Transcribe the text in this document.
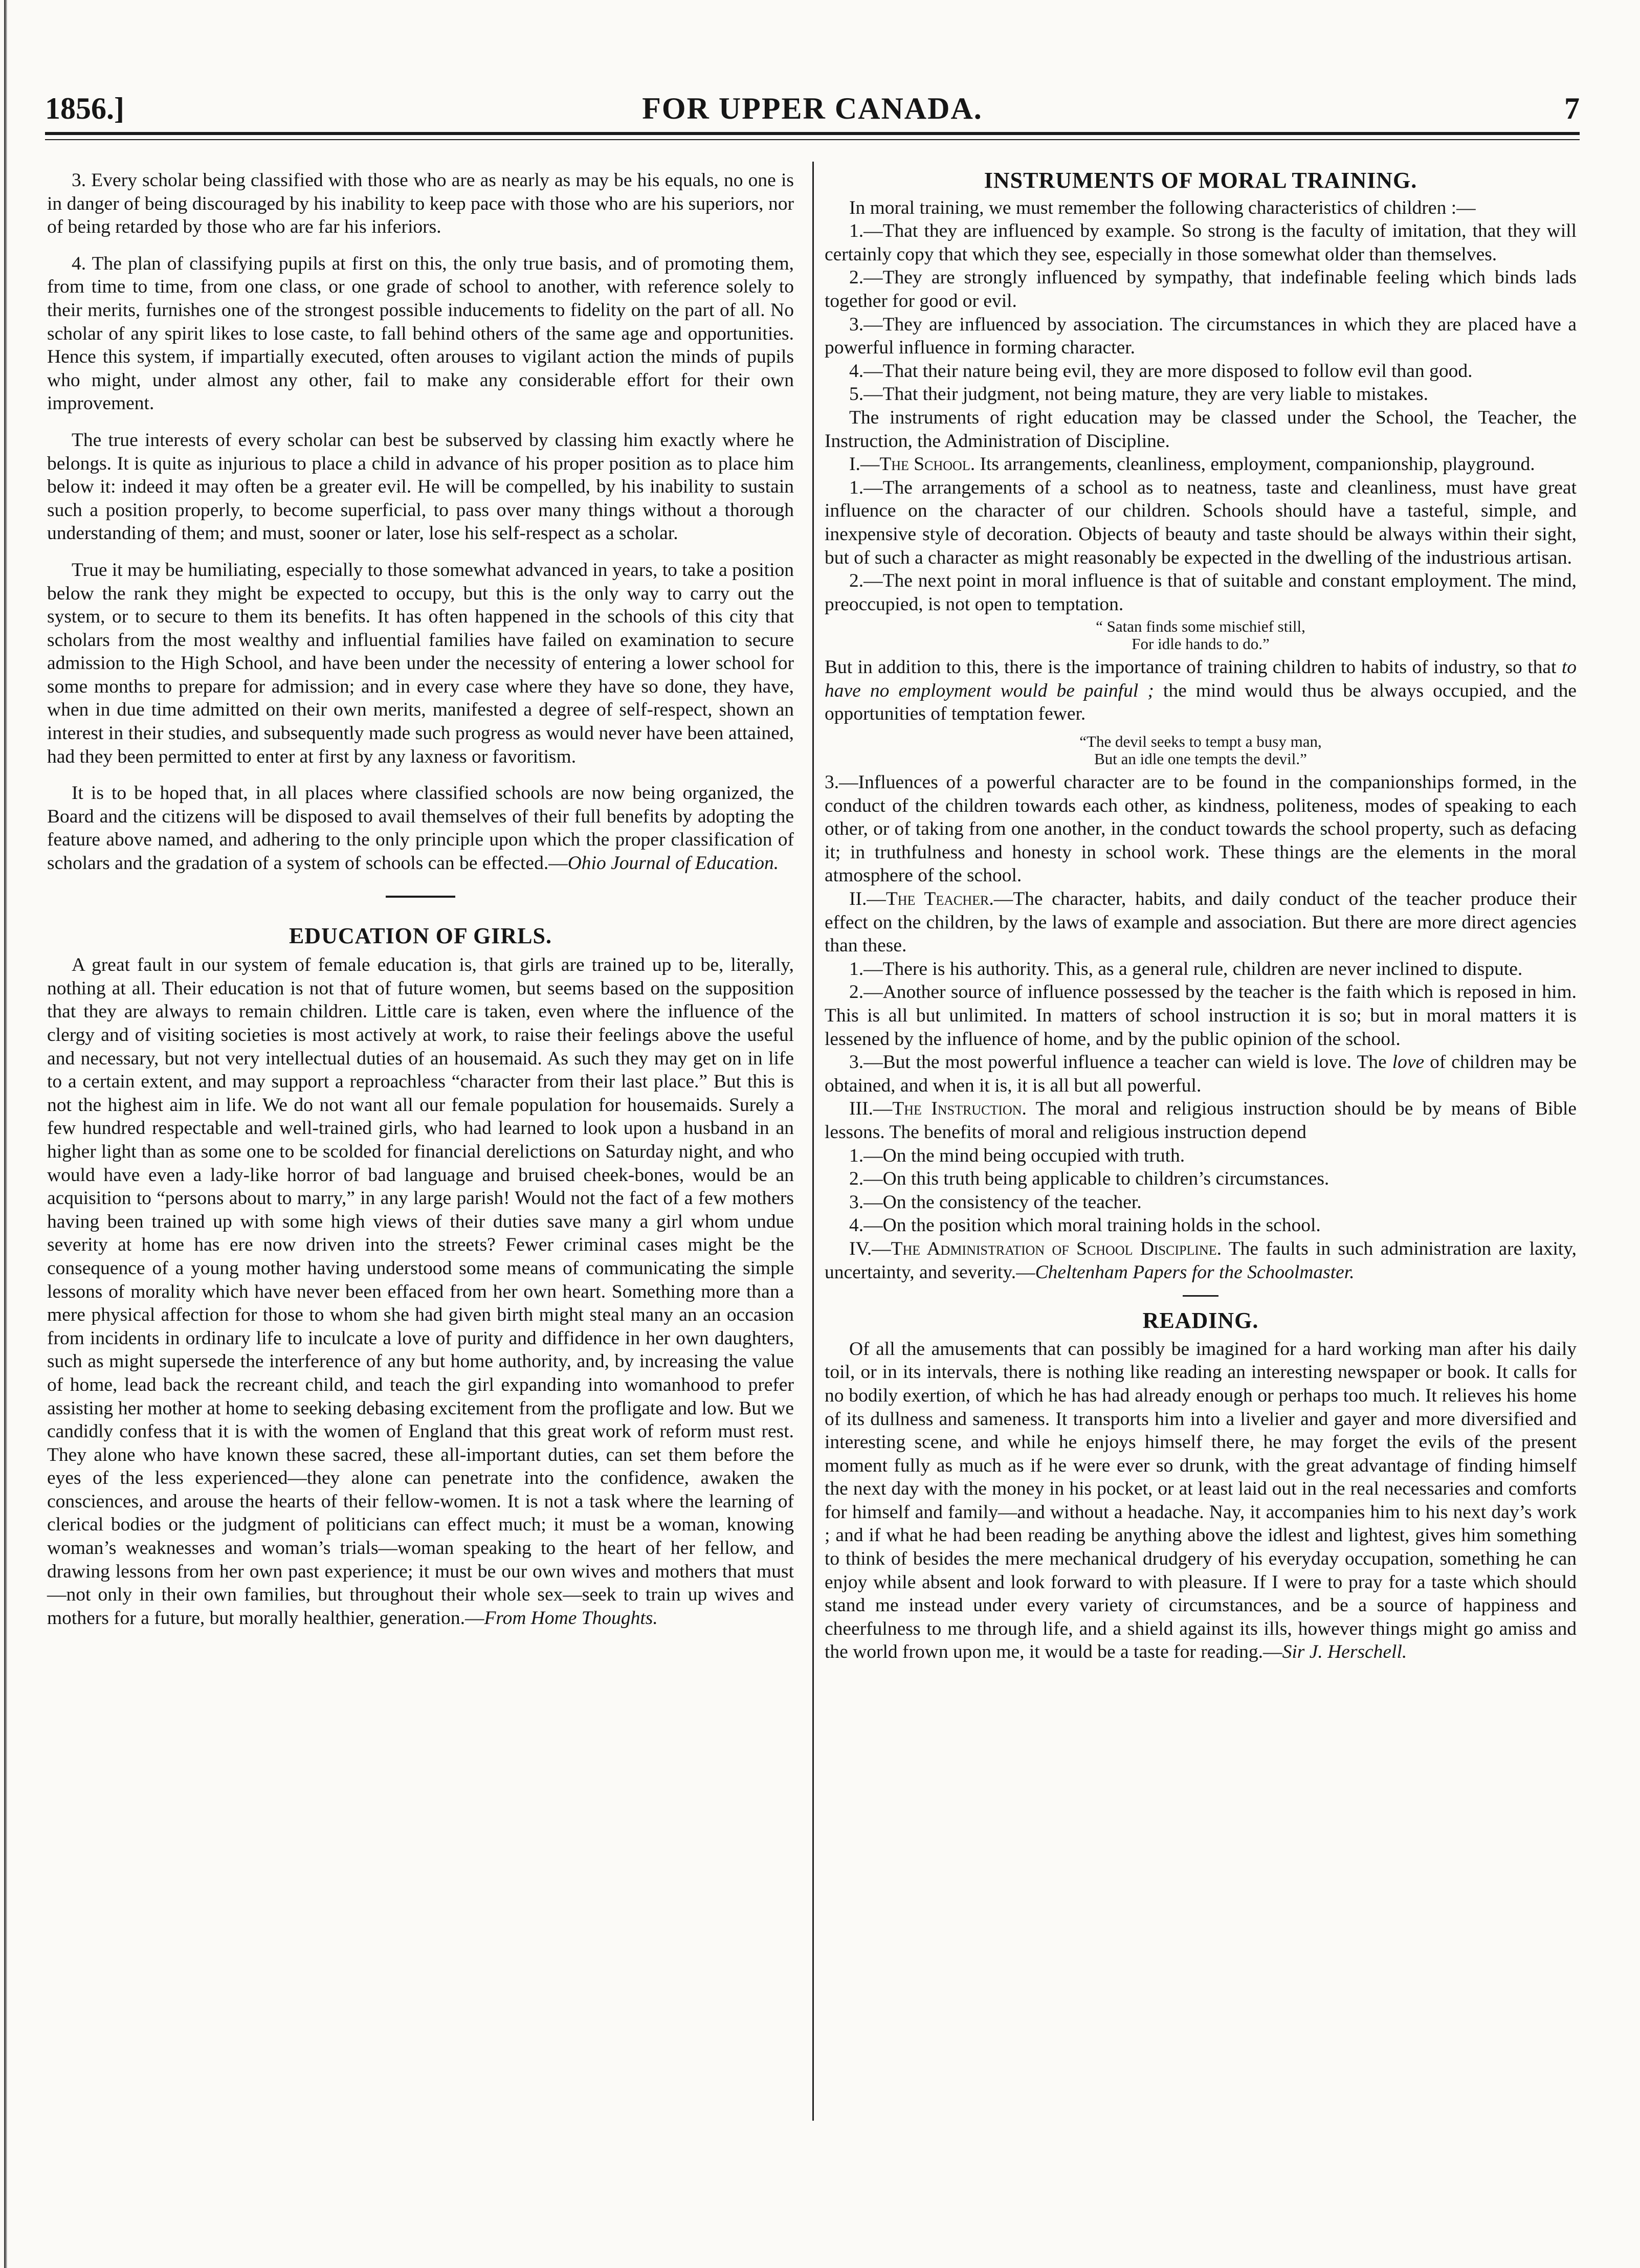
1856.]	FOR UPPER CANADA.	7

3. Every scholar being classified with those who are as nearly as may be his equals, no one is in danger of being discouraged by his inability to keep pace with those who are his superiors, nor of being retarded by those who are far his inferiors.

4. The plan of classifying pupils at first on this, the only true basis, and of promoting them, from time to time, from one class, or one grade of school to another, with reference solely to their merits, furnishes one of the strongest possible inducements to fidelity on the part of all. No scholar of any spirit likes to lose caste, to fall behind others of the same age and opportunities. Hence this system, if impartially executed, often arouses to vigilant action the minds of pupils who might, under almost any other, fail to make any considerable effort for their own improvement.

The true interests of every scholar can best be subserved by classing him exactly where he belongs. It is quite as injurious to place a child in advance of his proper position as to place him below it: indeed it may often be a greater evil. He will be compelled, by his inability to sustain such a position properly, to become superficial, to pass over many things without a thorough understanding of them; and must, sooner or later, lose his self-respect as a scholar.

True it may be humiliating, especially to those somewhat advanced in years, to take a position below the rank they might be expected to occupy, but this is the only way to carry out the system, or to secure to them its benefits. It has often happened in the schools of this city that scholars from the most wealthy and influential families have failed on examination to secure admission to the High School, and have been under the necessity of entering a lower school for some months to prepare for admission; and in every case where they have so done, they have, when in due time admitted on their own merits, manifested a degree of self-respect, shown an interest in their studies, and subsequently made such progress as would never have been attained, had they been permitted to enter at first by any laxness or favoritism.

It is to be hoped that, in all places where classified schools are now being organized, the Board and the citizens will be disposed to avail themselves of their full benefits by adopting the feature above named, and adhering to the only principle upon which the proper classification of scholars and the gradation of a system of schools can be effected.—Ohio Journal of Education.

EDUCATION OF GIRLS.

A great fault in our system of female education is, that girls are trained up to be, literally, nothing at all. Their education is not that of future women, but seems based on the supposition that they are always to remain children. Little care is taken, even where the influence of the clergy and of visiting societies is most actively at work, to raise their feelings above the useful and necessary, but not very intellectual duties of an housemaid. As such they may get on in life to a certain extent, and may support a reproachless “character from their last place.” But this is not the highest aim in life. We do not want all our female population for housemaids. Surely a few hundred respectable and well-trained girls, who had learned to look upon a husband in an higher light than as some one to be scolded for financial derelictions on Saturday night, and who would have even a lady-like horror of bad language and bruised cheek-bones, would be an acquisition to “persons about to marry,” in any large parish! Would not the fact of a few mothers having been trained up with some high views of their duties save many a girl whom undue severity at home has ere now driven into the streets? Fewer criminal cases might be the consequence of a young mother having understood some means of communicating the simple lessons of morality which have never been effaced from her own heart. Something more than a mere physical affection for those to whom she had given birth might steal many an an occasion from incidents in ordinary life to inculcate a love of purity and diffidence in her own daughters, such as might supersede the interference of any but home authority, and, by increasing the value of home, lead back the recreant child, and teach the girl expanding into womanhood to prefer assisting her mother at home to seeking debasing excitement from the profligate and low. But we candidly confess that it is with the women of England that this great work of reform must rest. They alone who have known these sacred, these all-important duties, can set them before the eyes of the less experienced—they alone can penetrate into the confidence, awaken the consciences, and arouse the hearts of their fellow-women. It is not a task where the learning of clerical bodies or the judgment of politicians can effect much; it must be a woman, knowing woman’s weaknesses and woman’s trials—woman speaking to the heart of her fellow, and drawing lessons from her own past experience; it must be our own wives and mothers that must—not only in their own families, but throughout their whole sex—seek to train up wives and mothers for a future, but morally healthier, generation.—From Home Thoughts.

INSTRUMENTS OF MORAL TRAINING.

In moral training, we must remember the following characteristics of children :—

1.—That they are influenced by example. So strong is the faculty of imitation, that they will certainly copy that which they see, especially in those somewhat older than themselves.

2.—They are strongly influenced by sympathy, that indefinable feeling which binds lads together for good or evil.

3.—They are influenced by association. The circumstances in which they are placed have a powerful influence in forming character.

4.—That their nature being evil, they are more disposed to follow evil than good.

5.—That their judgment, not being mature, they are very liable to mistakes.

The instruments of right education may be classed under the School, the Teacher, the Instruction, the Administration of Discipline.

I.—The School. Its arrangements, cleanliness, employment, companionship, playground.

1.—The arrangements of a school as to neatness, taste and cleanliness, must have great influence on the character of our children. Schools should have a tasteful, simple, and inexpensive style of decoration. Objects of beauty and taste should be always within their sight, but of such a character as might reasonably be expected in the dwelling of the industrious artisan.

2.—The next point in moral influence is that of suitable and constant employment. The mind, preoccupied, is not open to temptation.

“ Satan finds some mischief still,
For idle hands to do.”

But in addition to this, there is the importance of training children to habits of industry, so that to have no employment would be painful ; the mind would thus be always occupied, and the opportunities of temptation fewer.

“The devil seeks to tempt a busy man,
But an idle one tempts the devil.”

3.—Influences of a powerful character are to be found in the companionships formed, in the conduct of the children towards each other, as kindness, politeness, modes of speaking to each other, or of taking from one another, in the conduct towards the school property, such as defacing it; in truthfulness and honesty in school work. These things are the elements in the moral atmosphere of the school.

II.—The Teacher.—The character, habits, and daily conduct of the teacher produce their effect on the children, by the laws of example and association. But there are more direct agencies than these.

1.—There is his authority. This, as a general rule, children are never inclined to dispute.

2.—Another source of influence possessed by the teacher is the faith which is reposed in him. This is all but unlimited. In matters of school instruction it is so; but in moral matters it is lessened by the influence of home, and by the public opinion of the school.

3.—But the most powerful influence a teacher can wield is love. The love of children may be obtained, and when it is, it is all but all powerful.

III.—The Instruction. The moral and religious instruction should be by means of Bible lessons. The benefits of moral and religious instruction depend

1.—On the mind being occupied with truth.

2.—On this truth being applicable to children’s circumstances.

3.—On the consistency of the teacher.

4.—On the position which moral training holds in the school.

IV.—The Administration of School Discipline. The faults in such administration are laxity, uncertainty, and severity.—Cheltenham Papers for the Schoolmaster.

READING.

Of all the amusements that can possibly be imagined for a hard working man after his daily toil, or in its intervals, there is nothing like reading an interesting newspaper or book. It calls for no bodily exertion, of which he has had already enough or perhaps too much. It relieves his home of its dullness and sameness. It transports him into a livelier and gayer and more diversified and interesting scene, and while he enjoys himself there, he may forget the evils of the present moment fully as much as if he were ever so drunk, with the great advantage of finding himself the next day with the money in his pocket, or at least laid out in the real necessaries and comforts for himself and family—and without a headache. Nay, it accompanies him to his next day’s work ; and if what he had been reading be anything above the idlest and lightest, gives him something to think of besides the mere mechanical drudgery of his everyday occupation, something he can enjoy while absent and look forward to with pleasure. If I were to pray for a taste which should stand me instead under every variety of circumstances, and be a source of happiness and cheerfulness to me through life, and a shield against its ills, however things might go amiss and the world frown upon me, it would be a taste for reading.—Sir J. Herschell.
